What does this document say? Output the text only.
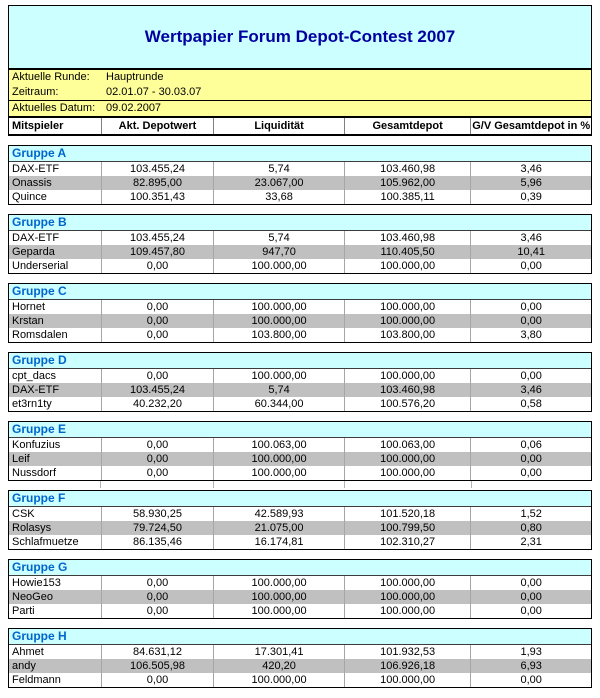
Wertpapier Forum Depot-Contest 2007
Aktuelle Runde:	Hauptrunde
Zeitraum:	02.01.07 - 30.03.07
Aktuelles Datum: 09.02.2007
Mitspieler	Akt. Depotwert	Liquidität	Gesamtdepot	G/V Gesamtdepot in %
Gruppe A
DAX-ETF	103.455,24	5,74	103.460,98	3,46
Onassis	82.895,00	23.067,00	105.962,00	5,96
Quince	100.351,43	33,68	100.385,11	0,39
Gruppe B
DAX-ETF	103.455,24	5,74	103.460,98	3,46
Geparda	109.457,80	947,70	110.405,50	10,41
Underserial	0,00	100.000,00	100.000,00	0,00
Gruppe C
Hornet	0,00	100.000,00	100.000,00	0,00
Krstan	0,00	100.000,00	100.000,00	0,00
Romsdalen	0,00	103.800,00	103.800,00	3,80
Gruppe D
cpt_dacs	0,00	100.000,00	100.000,00	0,00
DAX-ETF	103.455,24	5,74	103.460,98	3,46
et3rn1ty	40.232,20	60.344,00	100.576,20	0,58
Gruppe E
Konfuzius	0,00	100.063,00	100.063,00	0,06
Leif	0,00	100.000,00	100.000,00	0,00
Nussdorf	0,00	100.000,00	100.000,00	0,00
Gruppe F
CSK	58.930,25	42.589,93	101.520,18	1,52
Rolasys	79.724,50	21.075,00	100.799,50	0,80
Schlafmuetze	86.135,46	16.174,81	102.310,27	2,31
Gruppe G
Howie153	0,00	100.000,00	100.000,00	0,00
NeoGeo	0,00	100.000,00	100.000,00	0,00
Parti	0,00	100.000,00	100.000,00	0,00
Gruppe H
Ahmet	84.631,12	17.301,41	101.932,53	1,93
andy	106.505,98	420,20	106.926,18	6,93
Feldmann	0,00	100.000,00	100.000,00	0,00
